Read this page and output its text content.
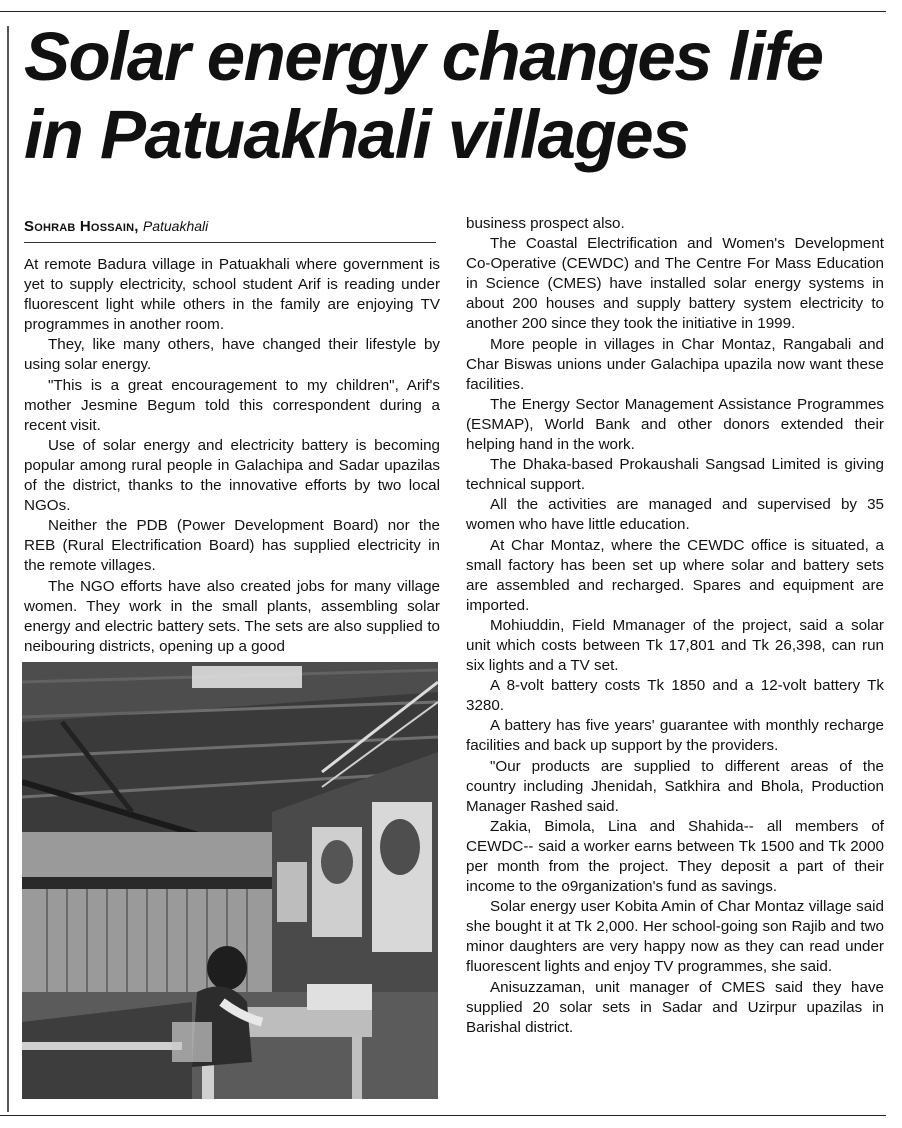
Solar energy changes life
in Patuakhali villages
Sohrab Hossain, Patuakhali

At remote Badura village in Patuakhali where government is yet to supply electricity, school student Arif is reading under fluorescent light while others in the family are enjoying TV programmes in another room.

They, like many others, have changed their lifestyle by using solar energy.

"This is a great encouragement to my children", Arif's mother Jesmine Begum told this correspondent during a recent visit.

Use of solar energy and electricity battery is becoming popular among rural people in Galachipa and Sadar upazilas of the district, thanks to the innovative efforts by two local NGOs.

Neither the PDB (Power Development Board) nor the REB (Rural Electrification Board) has supplied electricity in the remote villages.

The NGO efforts have also created jobs for many village women. They work in the small plants, assembling solar energy and electric battery sets. The sets are also supplied to neibouring districts, opening up a good

business prospect also.

The Coastal Electrification and Women's Development Co-Operative (CEWDC) and The Centre For Mass Education in Science (CMES) have installed solar energy systems in about 200 houses and supply battery system electricity to another 200 since they took the initiative in 1999.

More people in villages in Char Montaz, Rangabali and Char Biswas unions under Galachipa upazila now want these facilities.

The Energy Sector Management Assistance Programmes (ESMAP), World Bank and other donors extended their helping hand in the work.

The Dhaka-based Prokaushali Sangsad Limited is giving technical support.

All the activities are managed and supervised by 35 women who have little education.

At Char Montaz, where the CEWDC office is situated, a small factory has been set up where solar and battery sets are assembled and recharged. Spares and equipment are imported.

Mohiuddin, Field Mmanager of the project, said a solar unit which costs between Tk 17,801 and Tk 26,398, can run six lights and a TV set.

A 8-volt battery costs Tk 1850 and a 12-volt battery Tk 3280.

A battery has five years' guarantee with monthly recharge facilities and back up support by the providers.

"Our products are supplied to different areas of the country including Jhenidah, Satkhira and Bhola, Production Manager Rashed said.

Zakia, Bimola, Lina and Shahida-- all members of CEWDC-- said a worker earns between Tk 1500 and Tk 2000 per month from the project. They deposit a part of their income to the o9rganization's fund as savings.

Solar energy user Kobita Amin of Char Montaz village said she bought it at Tk 2,000. Her school-going son Rajib and two minor daughters are very happy now as they can read under fluorescent lights and enjoy TV programmes, she said.

Anisuzzaman, unit manager of CMES said they have supplied 20 solar sets in Sadar and Uzirpur upazilas in Barishal district.
